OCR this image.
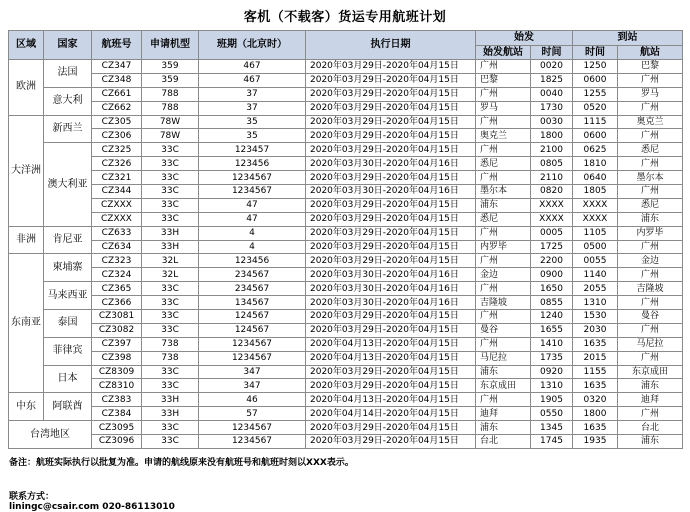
客机（不载客）货运专用航班计划
区域	国家	航班号	申请机型	班期（北京时）	执行日期	始发		到站	
						始发航站	时间	时间	航站
欧洲	法国	CZ347	359	467	2020年03月29日-2020年04月15日	广州	0020	1250	巴黎
		CZ348	359	467	2020年03月29日-2020年04月15日	巴黎	1825	0600	广州
	意大利	CZ661	788	37	2020年03月29日-2020年04月15日	广州	0040	1255	罗马
		CZ662	788	37	2020年03月29日-2020年04月15日	罗马	1730	0520	广州
大洋洲	新西兰	CZ305	78W	35	2020年03月29日-2020年04月15日	广州	0030	1115	奥克兰
		CZ306	78W	35	2020年03月29日-2020年04月15日	奥克兰	1800	0600	广州
	澳大利亚	CZ325	33C	123457	2020年03月29日-2020年04月15日	广州	2100	0625	悉尼
		CZ326	33C	123456	2020年03月30日-2020年04月16日	悉尼	0805	1810	广州
		CZ321	33C	1234567	2020年03月29日-2020年04月15日	广州	2110	0640	墨尔本
		CZ344	33C	1234567	2020年03月30日-2020年04月16日	墨尔本	0820	1805	广州
		CZXXX	33C	47	2020年03月29日-2020年04月15日	浦东	XXXX	XXXX	悉尼
		CZXXX	33C	47	2020年03月29日-2020年04月15日	悉尼	XXXX	XXXX	浦东
非洲	肯尼亚	CZ633	33H	4	2020年03月29日-2020年04月15日	广州	0005	1105	内罗毕
		CZ634	33H	4	2020年03月29日-2020年04月15日	内罗毕	1725	0500	广州
东南亚	柬埔寨	CZ323	32L	123456	2020年03月29日-2020年04月15日	广州	2200	0055	金边
		CZ324	32L	234567	2020年03月30日-2020年04月16日	金边	0900	1140	广州
	马来西亚	CZ365	33C	234567	2020年03月30日-2020年04月16日	广州	1650	2055	吉隆坡
		CZ366	33C	134567	2020年03月30日-2020年04月16日	吉隆坡	0855	1310	广州
	泰国	CZ3081	33C	124567	2020年03月29日-2020年04月15日	广州	1240	1530	曼谷
		CZ3082	33C	124567	2020年03月29日-2020年04月15日	曼谷	1655	2030	广州
	菲律宾	CZ397	738	1234567	2020年04月13日-2020年04月15日	广州	1410	1635	马尼拉
		CZ398	738	1234567	2020年04月13日-2020年04月15日	马尼拉	1735	2015	广州
	日本	CZ8309	33C	347	2020年03月29日-2020年04月15日	浦东	0920	1155	东京成田
		CZ8310	33C	347	2020年03月29日-2020年04月15日	东京成田	1310	1635	浦东
中东	阿联酋	CZ383	33H	46	2020年04月13日-2020年04月15日	广州	1905	0320	迪拜
		CZ384	33H	57	2020年04月14日-2020年04月15日	迪拜	0550	1800	广州
台湾地区		CZ3095	33C	1234567	2020年03月29日-2020年04月15日	浦东	1345	1635	台北
		CZ3096	33C	1234567	2020年03月29日-2020年04月15日	台北	1745	1935	浦东
备注：航班实际执行以批复为准。申请的航线原来没有航班号和航班时刻以XXX表示。
联系方式：
liningc@csair.com 020-86113010
